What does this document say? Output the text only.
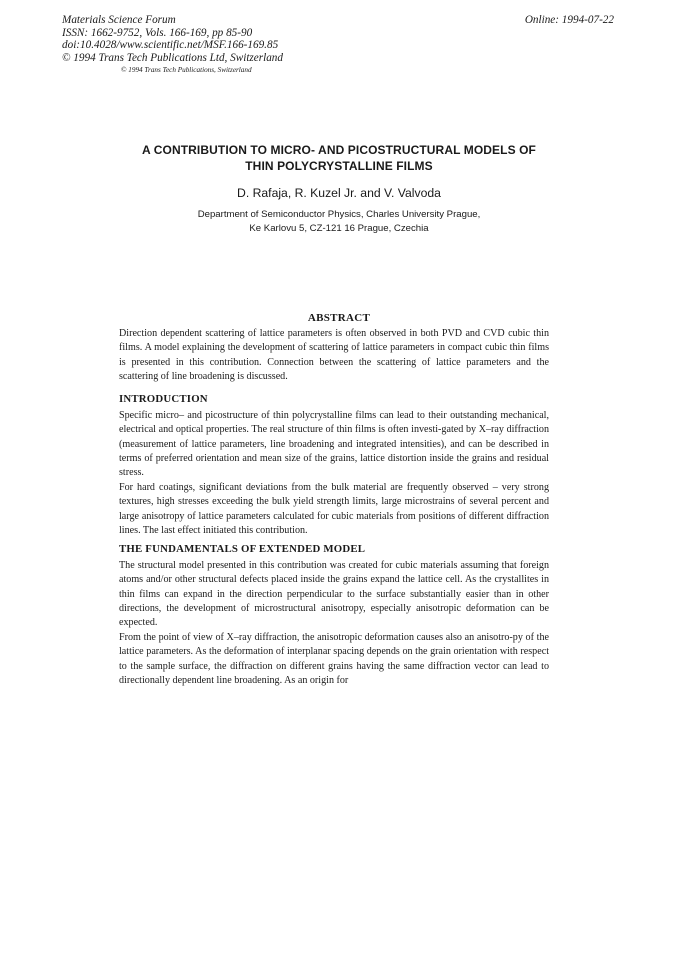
Materials Science Forum
ISSN: 1662-9752, Vols. 166-169, pp 85-90
doi:10.4028/www.scientific.net/MSF.166-169.85
© 1994 Trans Tech Publications Ltd, Switzerland
Online: 1994-07-22
© 1994 Trans Tech Publications, Switzerland
A CONTRIBUTION TO MICRO- AND PICOSTRUCTURAL MODELS OF
THIN POLYCRYSTALLINE FILMS
D. Rafaja, R. Kuzel Jr. and V. Valvoda
Department of Semiconductor Physics, Charles University Prague,
Ke Karlovu 5, CZ-121 16 Prague, Czechia
ABSTRACT

Direction dependent scattering of lattice parameters is often observed in both PVD and CVD cubic thin films. A model explaining the development of scattering of lattice parameters in compact cubic thin films is presented in this contribution. Connection between the scattering of lattice parameters and the scattering of line broadening is discussed.

INTRODUCTION

Specific micro– and picostructure of thin polycrystalline films can lead to their outstanding mechanical, electrical and optical properties. The real structure of thin films is often investi-gated by X–ray diffraction (measurement of lattice parameters, line broadening and integrated intensities), and can be described in terms of preferred orientation and mean size of the grains, lattice distortion inside the grains and residual stress.

For hard coatings, significant deviations from the bulk material are frequently observed – very strong textures, high stresses exceeding the bulk yield strength limits, large microstrains of several percent and large anisotropy of lattice parameters calculated for cubic materials from positions of different diffraction lines. The last effect initiated this contribution.

THE FUNDAMENTALS OF EXTENDED MODEL

The structural model presented in this contribution was created for cubic materials assuming that foreign atoms and/or other structural defects placed inside the grains expand the lattice cell. As the crystallites in thin films can expand in the direction perpendicular to the surface substantially easier than in other directions, the development of microstructural anisotropy, especially anisotropic deformation can be expected.

From the point of view of X–ray diffraction, the anisotropic deformation causes also an anisotro-py of the lattice parameters. As the deformation of interplanar spacing depends on the grain orientation with respect to the sample surface, the diffraction on different grains having the same diffraction vector can lead to directionally dependent line broadening. As an origin for
